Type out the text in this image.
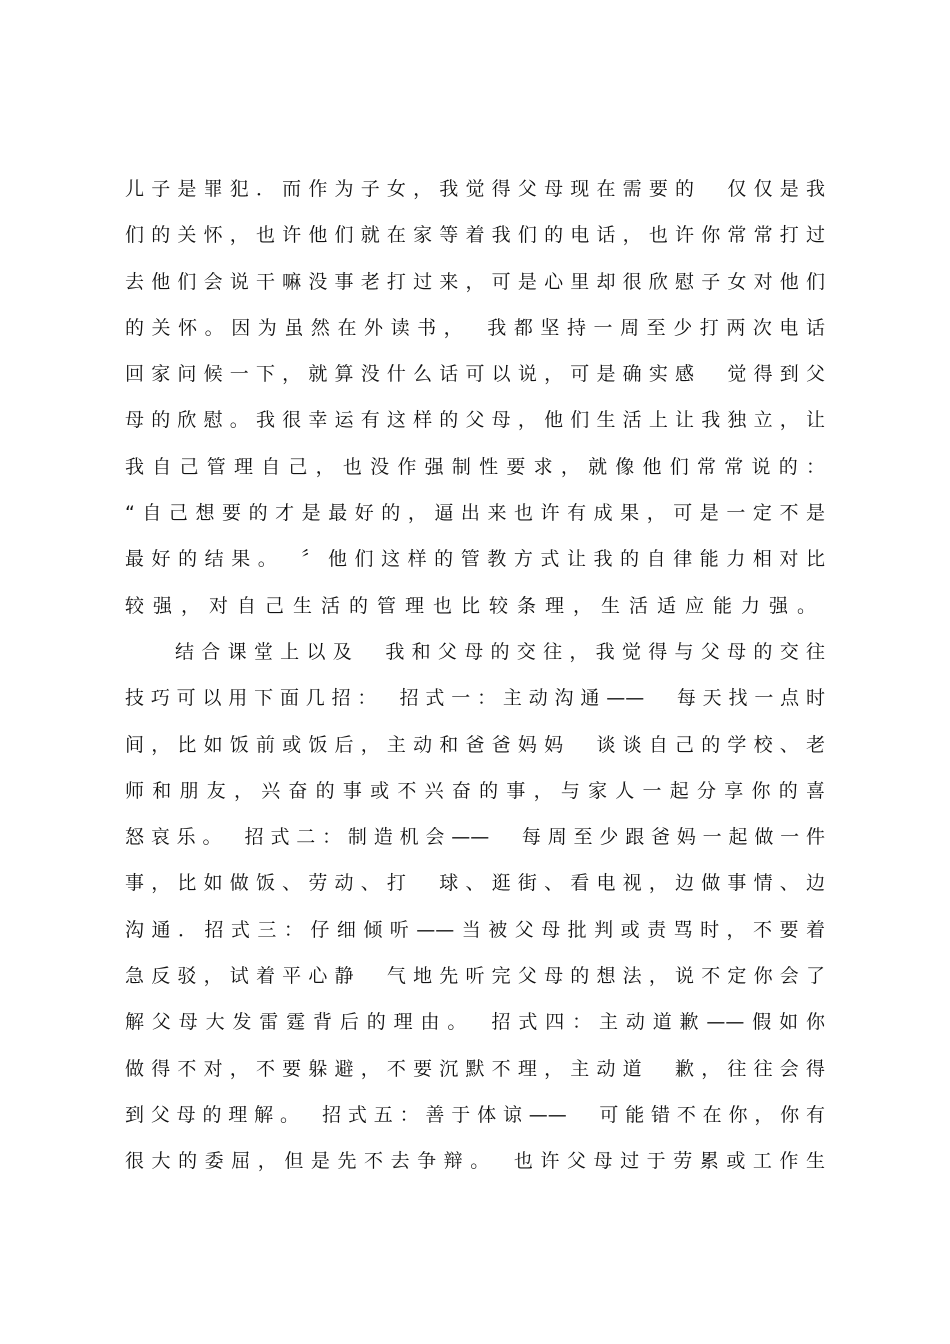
儿子是罪犯．而作为子女，我觉得父母现在需要的　仅仅是我
们的关怀，也许他们就在家等着我们的电话，也许你常常打过
去他们会说干嘛没事老打过来，可是心里却很欣慰子女对他们
的关怀。因为虽然在外读书，　我都坚持一周至少打两次电话
回家问候一下，就算没什么话可以说，可是确实感　觉得到父
母的欣慰。我很幸运有这样的父母，他们生活上让我独立，让
我自己管理自己，也没作强制性要求，就像他们常常说的：
“自己想要的才是最好的，逼出来也许有成果，可是一定不是
最好的结果。　〞他们这样的管教方式让我的自律能力相对比
较强，对自己生活的管理也比较条理，生活适应能力强。
结合课堂上以及　我和父母的交往，我觉得与父母的交往
技巧可以用下面几招：　招式一：主动沟通——　每天找一点时
间，比如饭前或饭后，主动和爸爸妈妈　谈谈自己的学校、老
师和朋友，兴奋的事或不兴奋的事，与家人一起分享你的喜
怒哀乐。　招式二：制造机会——　每周至少跟爸妈一起做一件
事，比如做饭、劳动、打　球、逛街、看电视，边做事情、边
沟通．招式三：仔细倾听——当被父母批判或责骂时，不要着
急反驳，试着平心静　气地先听完父母的想法，说不定你会了
解父母大发雷霆背后的理由。　招式四：主动道歉——假如你
做得不对，不要躲避，不要沉默不理，主动道　歉，往往会得
到父母的理解。　招式五：善于体谅——　可能错不在你，你有
很大的委屈，但是先不去争辩。　也许父母过于劳累或工作生
